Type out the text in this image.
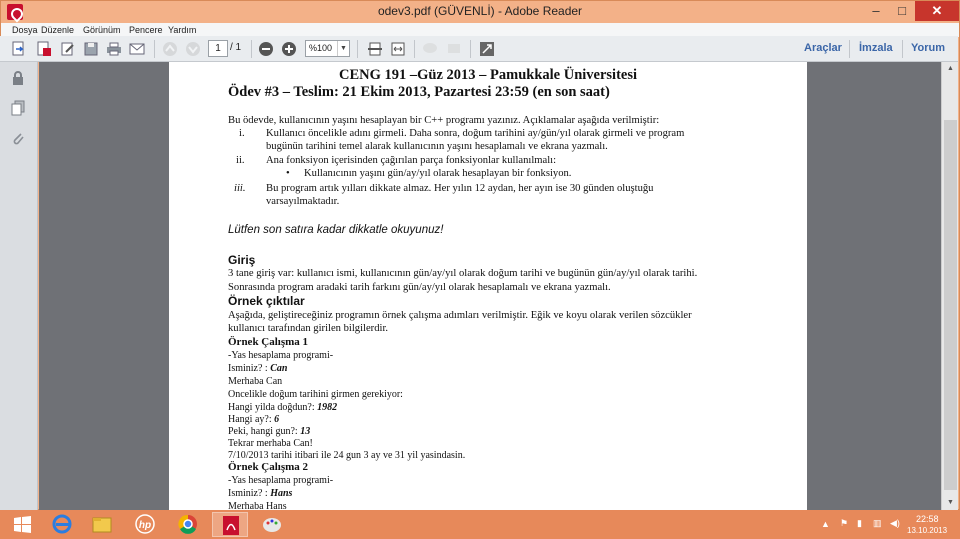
odev3.pdf (GÜVENLİ) - Adobe Reader	–	□	✕
Dosya Düzenle Görünüm Pencere Yardım
Araçlar İmzala Yorum
1 / 1	%100	▼
CENG 191 –Güz 2013 – Pamukkale Üniversitesi
Ödev #3 – Teslim: 21 Ekim 2013, Pazartesi 23:59 (en son saat)
Bu ödevde, kullanıcının yaşını hesaplayan bir C++ programı yazınız. Açıklamalar aşağıda verilmiştir:
i. Kullanıcı öncelikle adını girmeli. Daha sonra, doğum tarihini ay/gün/yıl olarak girmeli ve program
bugünün tarihini temel alarak kullanıcının yaşını hesaplamalı ve ekrana yazmalı.
ii. Ana fonksiyon içerisinden çağırılan parça fonksiyonlar kullanılmalı:
• Kullanıcının yaşını gün/ay/yıl olarak hesaplayan bir fonksiyon.
iii. Bu program artık yılları dikkate almaz. Her yılın 12 aydan, her ayın ise 30 günden oluştuğu
varsayılmaktadır.
Lütfen son satıra kadar dikkatle okuyunuz!
Giriş
3 tane giriş var: kullanıcı ismi, kullanıcının gün/ay/yıl olarak doğum tarihi ve bugünün gün/ay/yıl olarak tarihi.
Sonrasında program aradaki tarih farkını gün/ay/yıl olarak hesaplamalı ve ekrana yazmalı.
Örnek çıktılar
Aşağıda, geliştireceğiniz programın örnek çalışma adımları verilmiştir. Eğik ve koyu olarak verilen sözcükler
kullanıcı tarafından girilen bilgilerdir.
Örnek Çalışma 1
-Yas hesaplama programi-
Isminiz? : Can
Merhaba Can
Oncelikle doğum tarihini girmen gerekiyor:
Hangi yilda doğdun?: 1982
Hangi ay?: 6
Peki, hangi gun?: 13
Tekrar merhaba Can!
7/10/2013 tarihi itibari ile 24 gun 3 ay ve 31 yil yasindasin.
Örnek Çalışma 2
-Yas hesaplama programi-
Isminiz? : Hans
Merhaba Hans
▲
▼
hp	▲ ⚑ ▮ ▥ ◀) 22:58
13.10.2013
